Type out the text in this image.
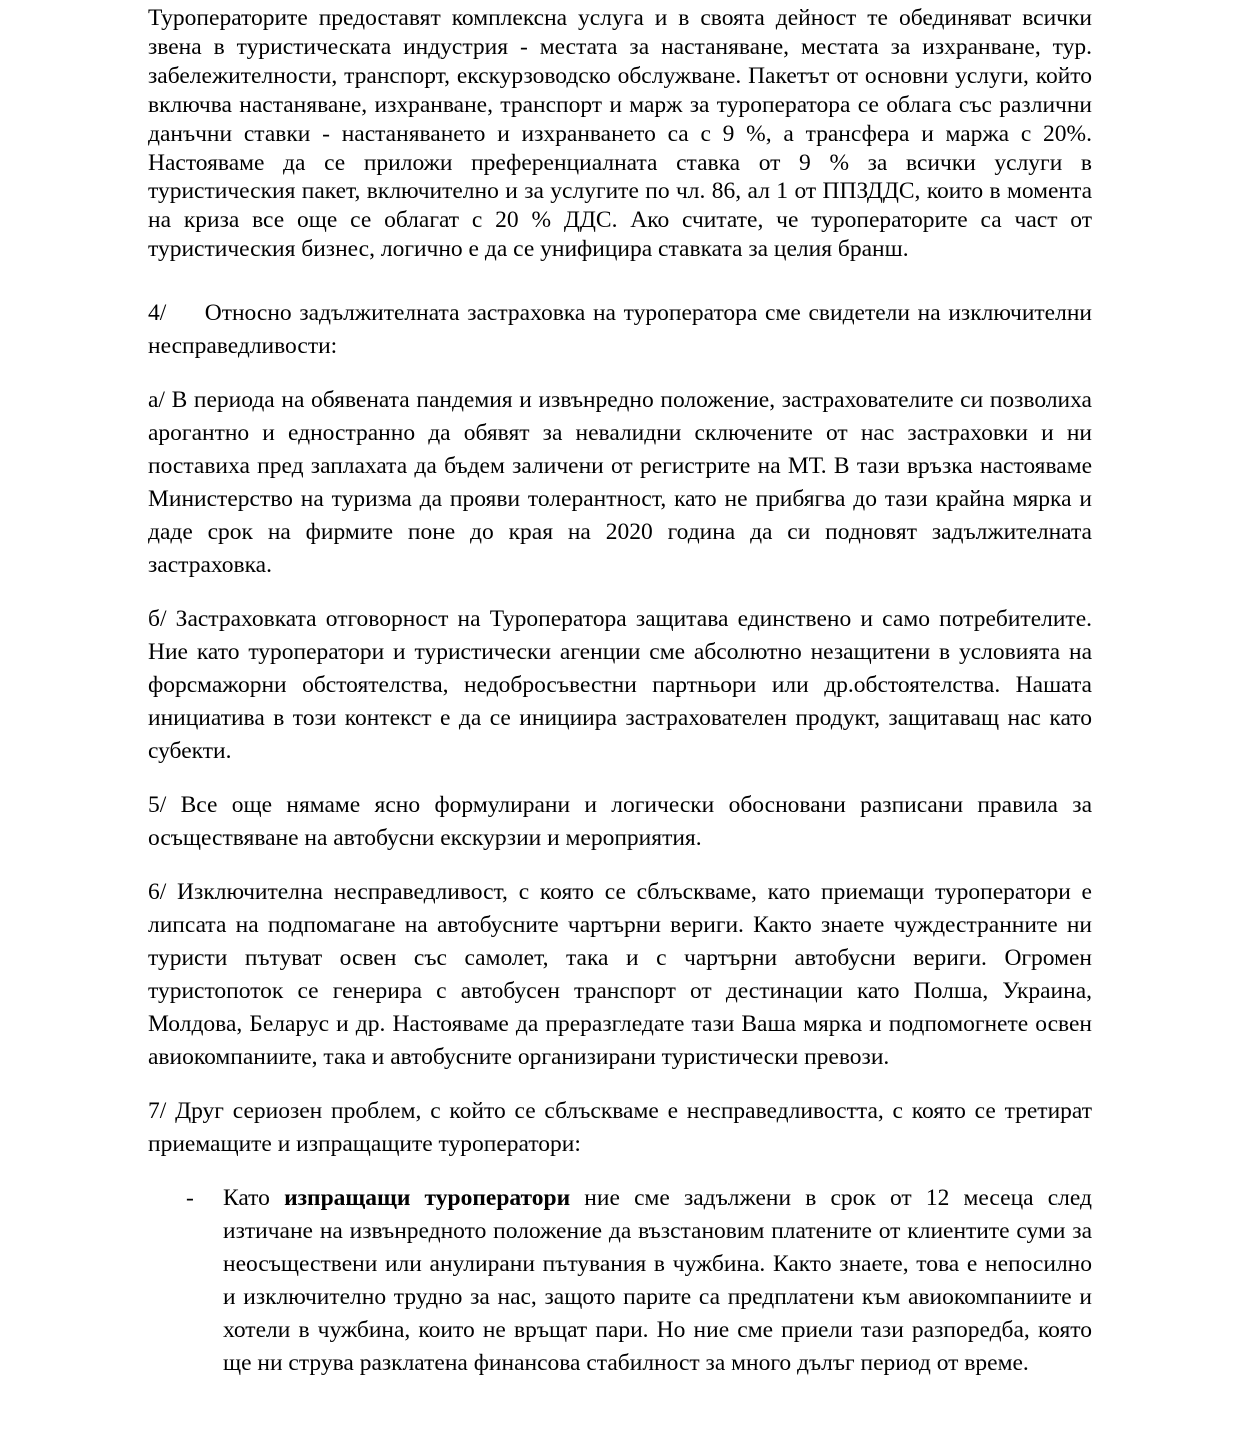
Туроператорите предоставят комплексна услуга и в своята дейност те обединяват всички звена в туристическата индустрия - местата за настаняване, местата за изхранване, тур. забележителности, транспорт, екскурзоводско обслужване. Пакетът от основни услуги, който включва настаняване, изхранване, транспорт и марж за туроператора се облага със различни данъчни ставки - настаняването и изхранването са с 9 %, а трансфера и маржа с 20%. Настояваме да се приложи преференциалната ставка от 9 % за всички услуги в туристическия пакет, включително и за услугите по чл. 86, ал 1 от ППЗДДС, които в момента на криза все още се облагат с 20 % ДДС. Ако считате, че туроператорите са част от туристическия бизнес, логично е да се унифицира ставката за целия бранш.

4/     Относно задължителната застраховка на туроператора сме свидетели на изключителни несправедливости:

а/ В периода на обявената пандемия и извънредно положение, застрахователите си позволиха арогантно и едностранно да обявят за невалидни сключените от нас застраховки и ни поставиха пред заплахата да бъдем заличени от регистрите на МТ. В тази връзка настояваме Министерство на туризма да прояви толерантност, като не прибягва до тази крайна мярка и даде срок на фирмите поне до края на 2020 година да си подновят задължителната застраховка.

б/ Застраховката отговорност на Туроператора защитава единствено и само потребителите. Ние като туроператори и туристически агенции сме абсолютно незащитени в условията на форсмажорни обстоятелства, недобросъвестни партньори или др.обстоятелства. Нашата инициатива в този контекст е да се инициира застрахователен продукт, защитаващ нас като субекти.

5/ Все още нямаме ясно формулирани и логически обосновани разписани правила за осъществяване на автобусни екскурзии и мероприятия.

6/ Изключителна несправедливост, с която се сблъскваме, като приемащи туроператори е липсата на подпомагане на автобусните чартърни вериги. Както знаете чуждестранните ни туристи пътуват освен със самолет, така и с чартърни автобусни вериги. Огромен туристопоток се генерира с автобусен транспорт от дестинации като Полша, Украина, Молдова, Беларус и др. Настояваме да преразгледате тази Ваша мярка и подпомогнете освен авиокомпаниите, така и автобусните организирани туристически превози.

7/ Друг сериозен проблем, с който се сблъскваме е несправедливостта, с която се третират приемащите и изпращащите туроператори:

- Като изпращащи туроператори ние сме задължени в срок от 12 месеца след изтичане на извънредното положение да възстановим платените от клиентите суми за неосъществени или анулирани пътувания в чужбина. Както знаете, това е непосилно и изключително трудно за нас, защото парите са предплатени към авиокомпаниите и хотели в чужбина, които не връщат пари. Но ние сме приели тази разпоредба, която ще ни струва разклатена финансова стабилност за много дълъг период от време.
